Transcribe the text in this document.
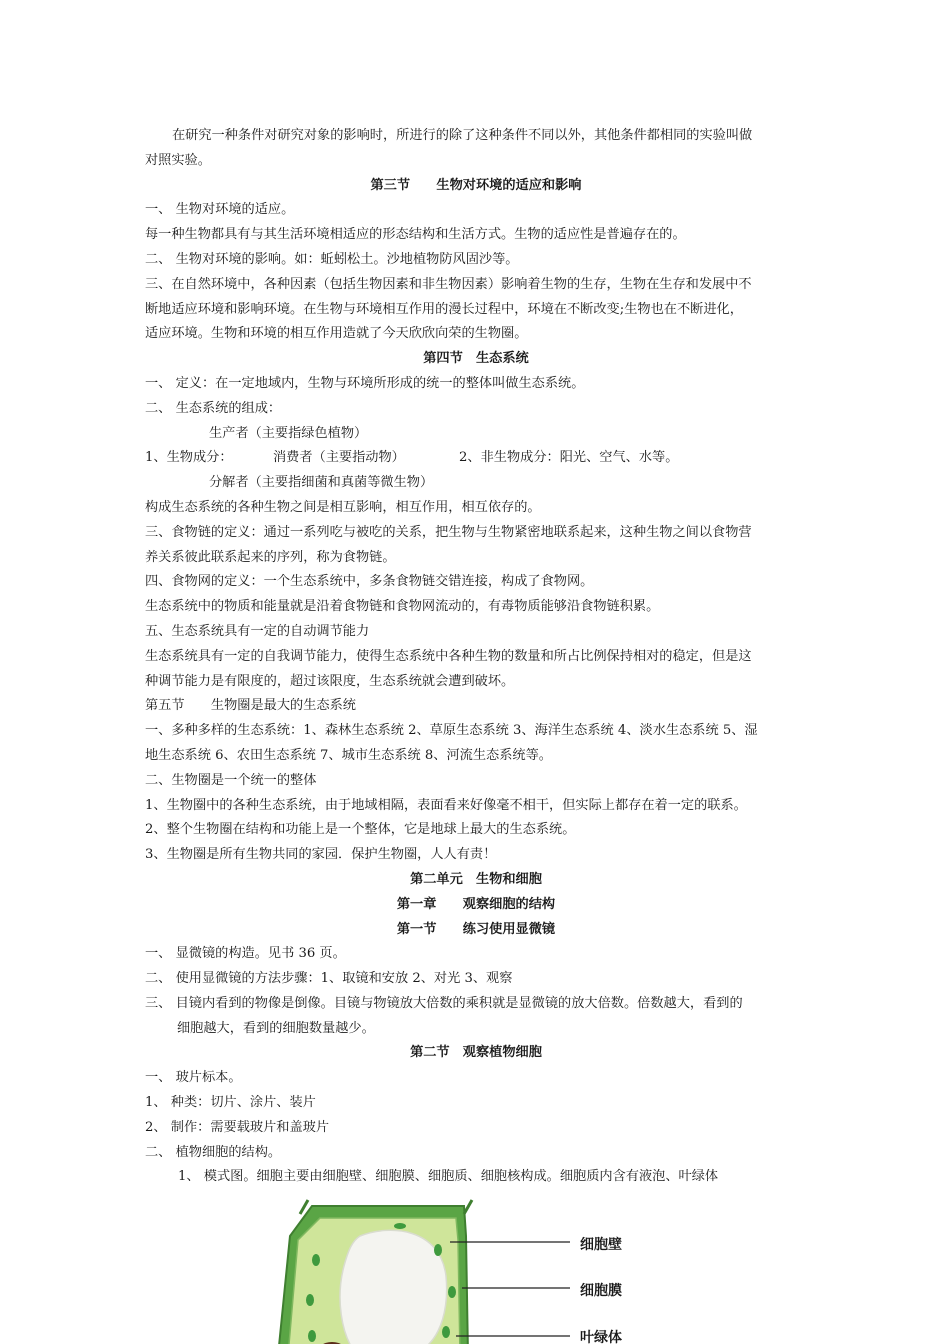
在研究一种条件对研究对象的影响时，所进行的除了这种条件不同以外，其他条件都相同的实验叫做
对照实验。
第三节　　生物对环境的适应和影响
一、 生物对环境的适应。
每一种生物都具有与其生活环境相适应的形态结构和生活方式。生物的适应性是普遍存在的。
二、 生物对环境的影响。如：蚯蚓松土。沙地植物防风固沙等。
三、在自然环境中，各种因素（包括生物因素和非生物因素）影响着生物的生存，生物在生存和发展中不
断地适应环境和影响环境。在生物与环境相互作用的漫长过程中，环境在不断改变;生物也在不断进化，
适应环境。生物和环境的相互作用造就了今天欣欣向荣的生物圈。
第四节　生态系统
一、 定义：在一定地域内，生物与环境所形成的统一的整体叫做生态系统。
二、 生态系统的组成：
生产者（主要指绿色植物）
1、生物成分：	消费者（主要指动物）	2、非生物成分：阳光、空气、水等。
分解者（主要指细菌和真菌等微生物）
构成生态系统的各种生物之间是相互影响，相互作用，相互依存的。
三、食物链的定义：通过一系列吃与被吃的关系，把生物与生物紧密地联系起来，这种生物之间以食物营
养关系彼此联系起来的序列，称为食物链。
四、食物网的定义：一个生态系统中，多条食物链交错连接，构成了食物网。
生态系统中的物质和能量就是沿着食物链和食物网流动的，有毒物质能够沿食物链积累。
五、生态系统具有一定的自动调节能力
生态系统具有一定的自我调节能力，使得生态系统中各种生物的数量和所占比例保持相对的稳定，但是这
种调节能力是有限度的，超过该限度，生态系统就会遭到破坏。
第五节　　生物圈是最大的生态系统
一、多种多样的生态系统：1、森林生态系统 2、草原生态系统 3、海洋生态系统 4、淡水生态系统 5、湿
地生态系统 6、农田生态系统 7、城市生态系统 8、河流生态系统等。
二、生物圈是一个统一的整体
1、生物圈中的各种生态系统，由于地域相隔，表面看来好像毫不相干，但实际上都存在着一定的联系。
2、整个生物圈在结构和功能上是一个整体，它是地球上最大的生态系统。
3、生物圈是所有生物共同的家园．保护生物圈，人人有责！
第二单元　生物和细胞
第一章　　观察细胞的结构
第一节　　练习使用显微镜
一、 显微镜的构造。见书 36 页。
二、 使用显微镜的方法步骤：1、取镜和安放 2、对光 3、观察
三、 目镜内看到的物像是倒像。目镜与物镜放大倍数的乘积就是显微镜的放大倍数。倍数越大，看到的
细胞越大，看到的细胞数量越少。
第二节　观察植物细胞
一、 玻片标本。
1、 种类：切片、涂片、装片
2、 制作：需要载玻片和盖玻片
二、 植物细胞的结构。
1、 模式图。细胞主要由细胞壁、细胞膜、细胞质、细胞核构成。细胞质内含有液泡、叶绿体
细胞壁
细胞膜
叶绿体
